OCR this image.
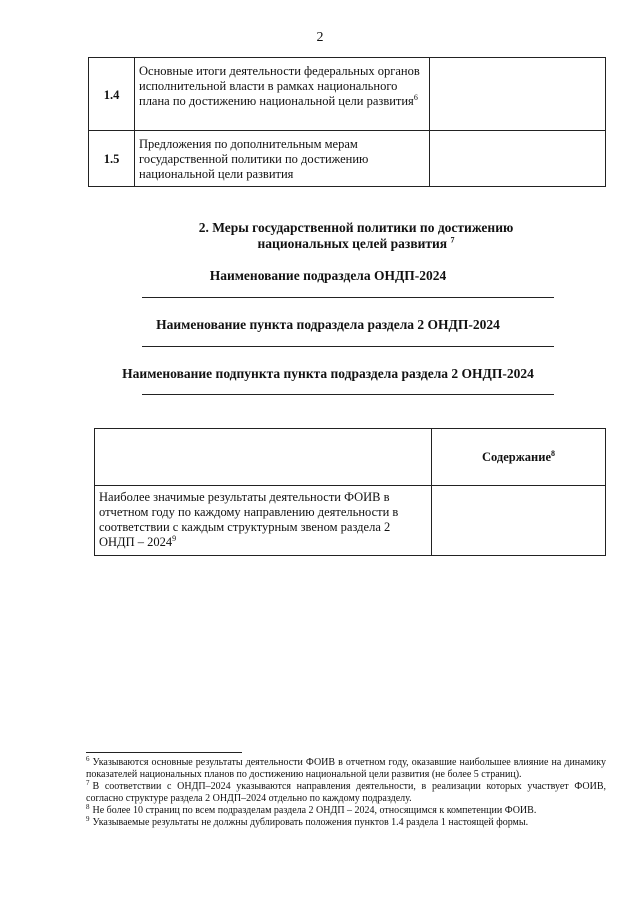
2
1.4	Основные итоги деятельности федеральных органов исполнительной власти в рамках национального плана по достижению национальной цели развития$^6$	
1.5	Предложения по дополнительным мерам государственной политики по достижению национальной цели развития	
2. Меры государственной политики по достижению
национальных целей развития $^7$
Наименование подраздела ОНДП-2024
Наименование пункта подраздела раздела 2 ОНДП-2024
Наименование подпункта пункта подраздела раздела 2 ОНДП-2024
	Содержание$^8$
Наиболее значимые результаты деятельности ФОИВ в отчетном году по каждому направлению деятельности в соответствии с каждым структурным звеном раздела 2 ОНДП – 2024$^9$	

$^6$ Указываются основные результаты деятельности ФОИВ в отчетном году, оказавшие наибольшее влияние на динамику показателей национальных планов по достижению национальной цели развития (не более 5 страниц).

$^7$ В соответствии с ОНДП–2024 указываются направления деятельности, в реализации которых участвует ФОИВ, согласно структуре раздела 2 ОНДП–2024 отдельно по каждому подразделу.

$^8$ Не более 10 страниц по всем подразделам раздела 2 ОНДП – 2024, относящимся к компетенции ФОИВ.

$^9$ Указываемые результаты не должны дублировать положения пунктов 1.4 раздела 1 настоящей формы.
